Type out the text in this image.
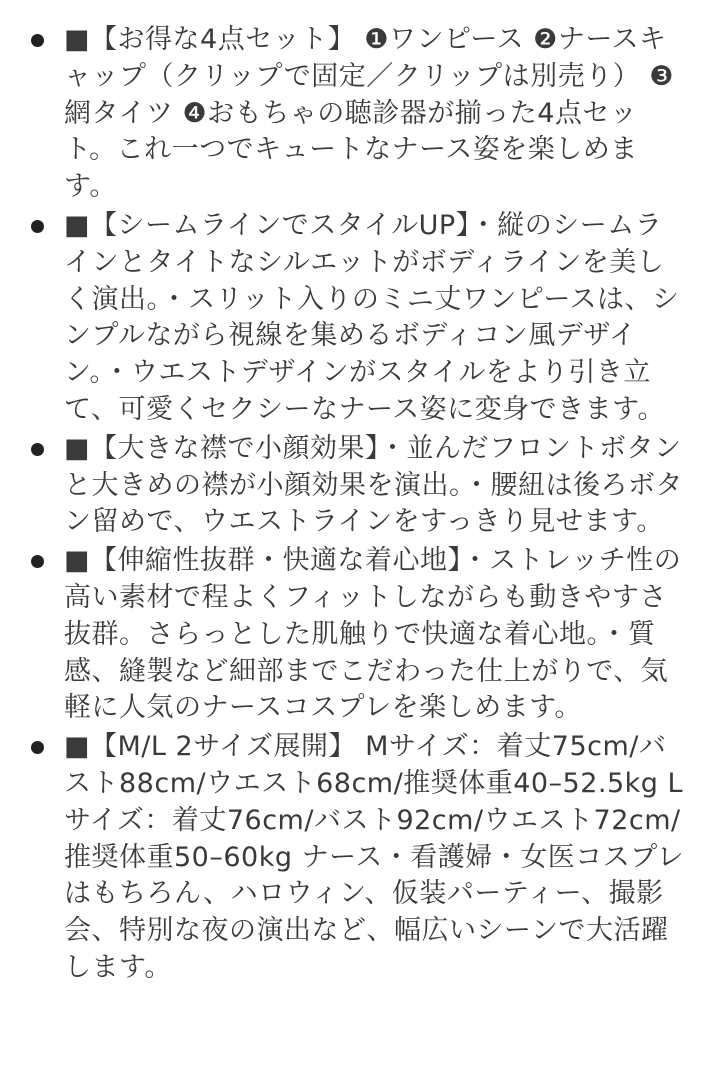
■【お得な4点セット】 ❶ワンピース ❷ナースキャップ（クリップで固定／クリップは別売り） ❸網タイツ ❹おもちゃの聴診器が揃った4点セット。これ一つでキュートなナース姿を楽しめます。
■【シームラインでスタイルUP】・縦のシームラインとタイトなシルエットがボディラインを美しく演出。・スリット入りのミニ丈ワンピースは、シンプルながら視線を集めるボディコン風デザイン。・ウエストデザインがスタイルをより引き立て、可愛くセクシーなナース姿に変身できます。
■【大きな襟で小顔効果】・並んだフロントボタンと大きめの襟が小顔効果を演出。・腰紐は後ろボタン留めで、ウエストラインをすっきり見せます。
■【伸縮性抜群・快適な着心地】・ストレッチ性の高い素材で程よくフィットしながらも動きやすさ抜群。さらっとした肌触りで快適な着心地。・質感、縫製など細部までこだわった仕上がりで、気軽に人気のナースコスプレを楽しめます。
■【M/L 2サイズ展開】 Mサイズ：着丈75cm/バスト88cm/ウエスト68cm/推奨体重40–52.5kg Lサイズ：着丈76cm/バスト92cm/ウエスト72cm/推奨体重50–60kg ナース・看護婦・女医コスプレはもちろん、ハロウィン、仮装パーティー、撮影会、特別な夜の演出など、幅広いシーンで大活躍します。
